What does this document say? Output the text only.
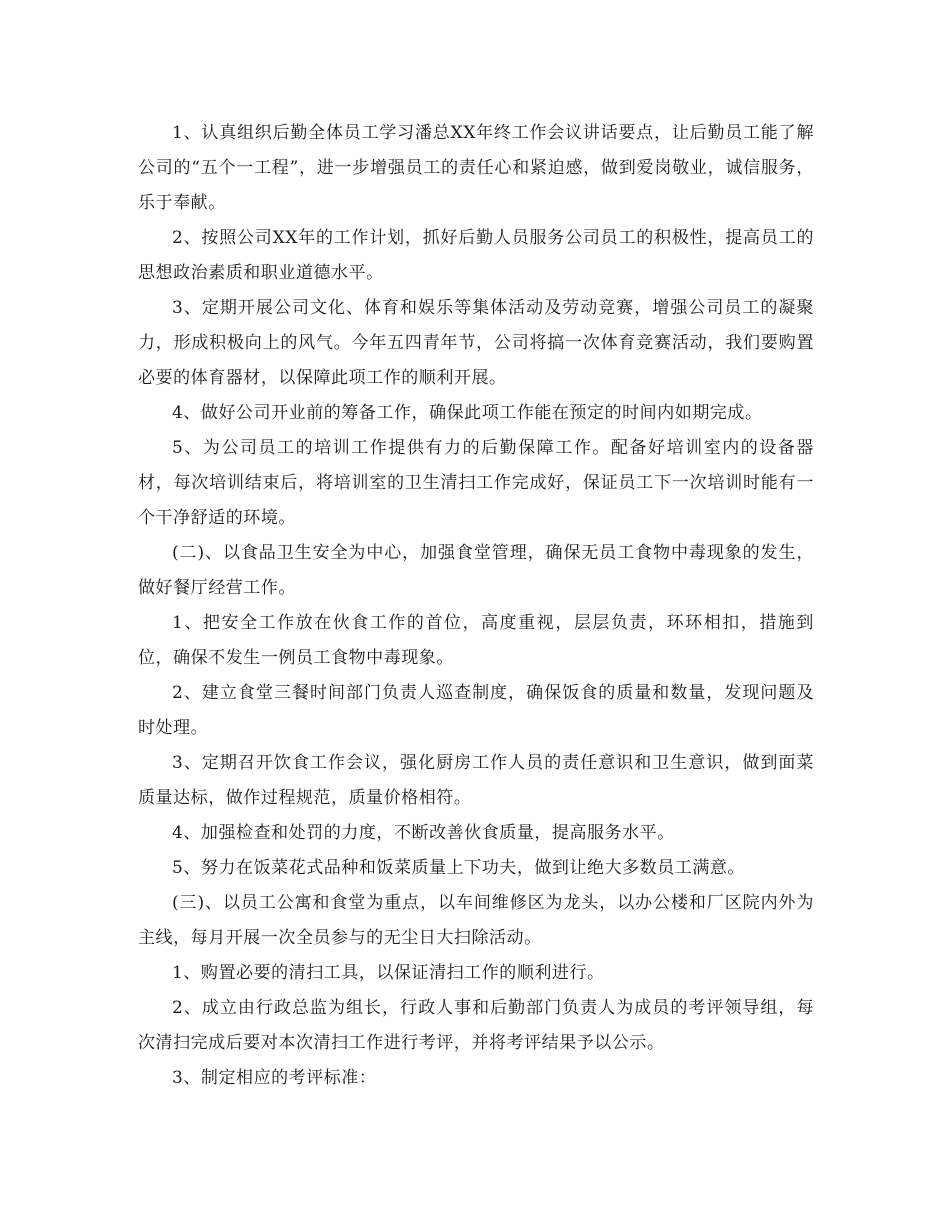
1、认真组织后勤全体员工学习潘总XX年终工作会议讲话要点，让后勤员工能了解公司的“五个一工程”，进一步增强员工的责任心和紧迫感，做到爱岗敬业，诚信服务，乐于奉献。

2、按照公司XX年的工作计划，抓好后勤人员服务公司员工的积极性，提高员工的思想政治素质和职业道德水平。

3、定期开展公司文化、体育和娱乐等集体活动及劳动竞赛，增强公司员工的凝聚力，形成积极向上的风气。今年五四青年节，公司将搞一次体育竞赛活动，我们要购置必要的体育器材，以保障此项工作的顺利开展。

4、做好公司开业前的筹备工作，确保此项工作能在预定的时间内如期完成。

5、为公司员工的培训工作提供有力的后勤保障工作。配备好培训室内的设备器材，每次培训结束后，将培训室的卫生清扫工作完成好，保证员工下一次培训时能有一个干净舒适的环境。

(二)、以食品卫生安全为中心，加强食堂管理，确保无员工食物中毒现象的发生，做好餐厅经营工作。

1、把安全工作放在伙食工作的首位，高度重视，层层负责，环环相扣，措施到位，确保不发生一例员工食物中毒现象。

2、建立食堂三餐时间部门负责人巡查制度，确保饭食的质量和数量，发现问题及时处理。

3、定期召开饮食工作会议，强化厨房工作人员的责任意识和卫生意识，做到面菜质量达标，做作过程规范，质量价格相符。

4、加强检查和处罚的力度，不断改善伙食质量，提高服务水平。

5、努力在饭菜花式品种和饭菜质量上下功夫，做到让绝大多数员工满意。

(三)、以员工公寓和食堂为重点，以车间维修区为龙头，以办公楼和厂区院内外为主线，每月开展一次全员参与的无尘日大扫除活动。

1、购置必要的清扫工具，以保证清扫工作的顺利进行。

2、成立由行政总监为组长，行政人事和后勤部门负责人为成员的考评领导组，每次清扫完成后要对本次清扫工作进行考评，并将考评结果予以公示。

3、制定相应的考评标准：
